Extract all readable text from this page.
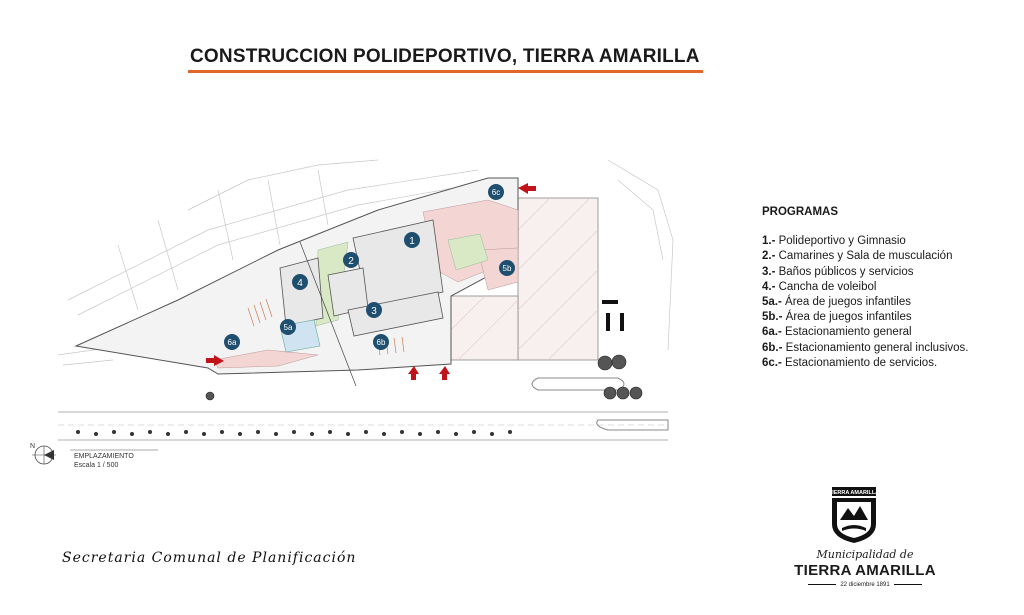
CONSTRUCCION POLIDEPORTIVO, TIERRA AMARILLA
1
2
3
4
5a
5b
6a	6b
6c
N
EMPLAZAMIENTO
Escala 1 / 500
PROGRAMAS
1.- Polideportivo y Gimnasio
2.- Camarines y Sala de musculación
3.- Baños públicos y servicios
4.- Cancha de voleibol
5a.- Área de juegos infantiles
5b.- Área de juegos infantiles
6a.- Estacionamiento general
6b.- Estacionamiento general inclusivos.
6c.- Estacionamiento de servicios.
Secretaria Comunal de Planificación
TIERRA AMARILLA
Municipalidad de
TIERRA AMARILLA
22 diciembre 1891
